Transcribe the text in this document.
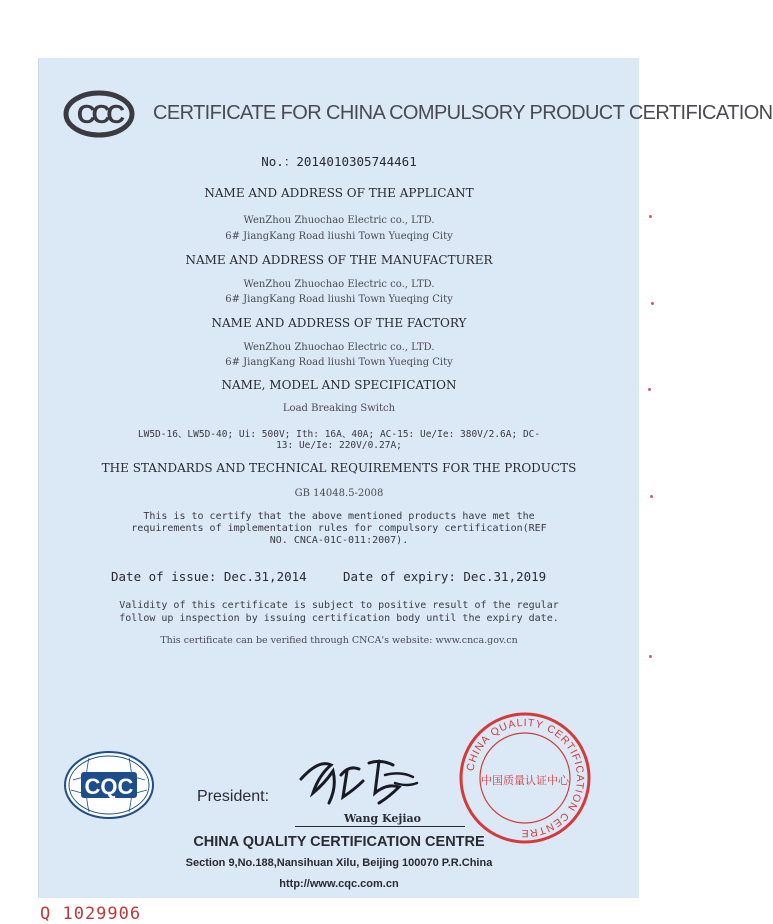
CCC CERTIFICATE FOR CHINA COMPULSORY PRODUCT CERTIFICATION
No.：2014010305744461
NAME AND ADDRESS OF THE APPLICANT
WenZhou Zhuochao Electric co., LTD.
6# JiangKang Road liushi Town Yueqing City
NAME AND ADDRESS OF THE MANUFACTURER
WenZhou Zhuochao Electric co., LTD.
6# JiangKang Road liushi Town Yueqing City
NAME AND ADDRESS OF THE FACTORY
WenZhou Zhuochao Electric co., LTD.
6# JiangKang Road liushi Town Yueqing City
NAME, MODEL AND SPECIFICATION
Load Breaking Switch
LW5D-16、LW5D-40; Ui: 500V; Ith: 16A、40A; AC-15: Ue/Ie: 380V/2.6A; DC-
13: Ue/Ie: 220V/0.27A;
THE STANDARDS AND TECHNICAL REQUIREMENTS FOR THE PRODUCTS
GB 14048.5-2008
This is to certify that the above mentioned products have met the
requirements of implementation rules for compulsory certification(REF
NO. CNCA-01C-011:2007).
Date of issue: Dec.31,2014	Date of expiry: Dec.31,2019
Validity of this certificate is subject to positive result of the regular
follow up inspection by issuing certification body until the expiry date.
This certificate can be verified through CNCA's website: www.cnca.gov.cn
CQC	President:
Wang Kejiao
CHINA QUALITY CERTIFICATION CENTRE
中国质量认证中心
CHINA QUALITY CERTIFICATION CENTRE
Section 9,No.188,Nansihuan Xilu, Beijing 100070 P.R.China
http://www.cqc.com.cn
Q 1029906
